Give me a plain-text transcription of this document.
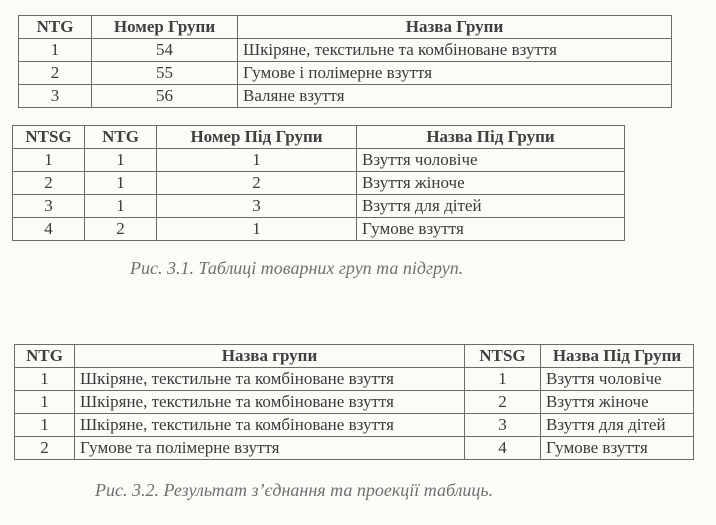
NTG	Номер Групи	Назва Групи
1	54	Шкіряне, текстильне та комбіноване взуття
2	55	Гумове і полімерне взуття
3	56	Валяне взуття
NTSG	NTG	Номер Під Групи	Назва Під Групи
1	1	1	Взуття чоловіче
2	1	2	Взуття жіноче
3	1	3	Взуття для дітей
4	2	1	Гумове взуття
Рис. 3.1. Таблиці товарних груп та підгруп.
NTG	Назва групи	NTSG	Назва Під Групи
1	Шкіряне, текстильне та комбіноване взуття	1	Взуття чоловіче
1	Шкіряне, текстильне та комбіноване взуття	2	Взуття жіноче
1	Шкіряне, текстильне та комбіноване взуття	3	Взуття для дітей
2	Гумове та полімерне взуття	4	Гумове взуття
Рис. 3.2. Результат з’єднання та проекції таблиць.
